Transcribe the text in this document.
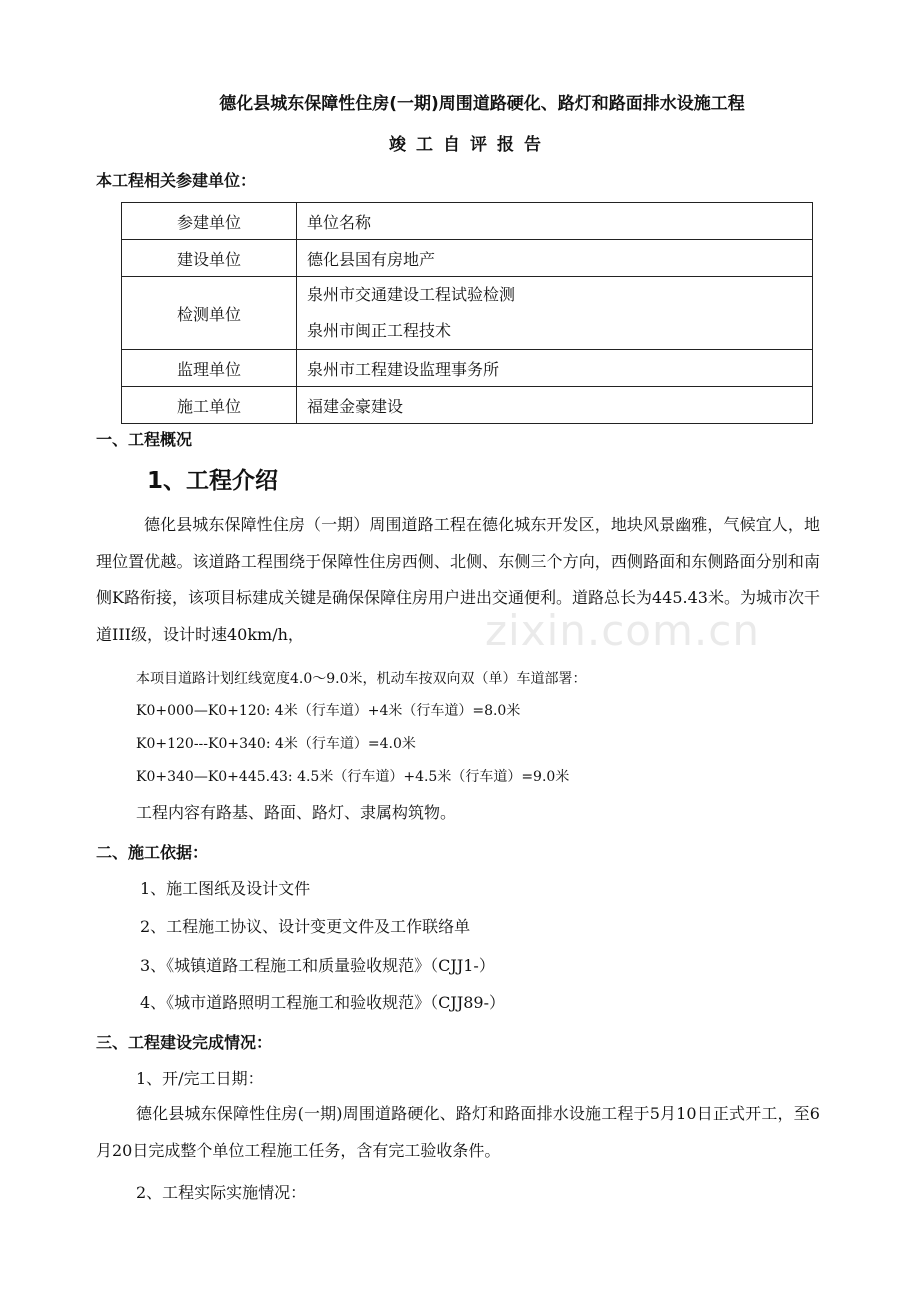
zixin.com.cn
德化县城东保障性住房(一期)周围道路硬化、路灯和路面排水设施工程
竣工自评报告
本工程相关参建单位：
参建单位	单位名称
建设单位	德化县国有房地产
检测单位	泉州市交通建设工程试验检测
泉州市闽正工程技术

监理单位	泉州市工程建设监理事务所
施工单位	福建金豪建设
一、工程概况
1、工程介绍
德化县城东保障性住房（一期）周围道路工程在德化城东开发区，地块风景幽雅，气候宜人，地理位置优越。该道路工程围绕于保障性住房西侧、北侧、东侧三个方向，西侧路面和东侧路面分别和南侧K路衔接，该项目标建成关键是确保保障住房用户进出交通便利。道路总长为445.43米。为城市次干道III级，设计时速40km/h，
本项目道路计划红线宽度4.0～9.0米，机动车按双向双（单）车道部署：
K0+000—K0+120: 4米（行车道）+4米（行车道）=8.0米
K0+120---K0+340: 4米（行车道）=4.0米
K0+340—K0+445.43: 4.5米（行车道）+4.5米（行车道）=9.0米
工程内容有路基、路面、路灯、隶属构筑物。
二、施工依据：
1、施工图纸及设计文件
2、工程施工协议、设计变更文件及工作联络单
3、《城镇道路工程施工和质量验收规范》（CJJ1-）
4、《城市道路照明工程施工和验收规范》（CJJ89-）
三、工程建设完成情况：
1、开/完工日期：
德化县城东保障性住房(一期)周围道路硬化、路灯和路面排水设施工程于5月10日正式开工，至6月20日完成整个单位工程施工任务，含有完工验收条件。
2、工程实际实施情况：
